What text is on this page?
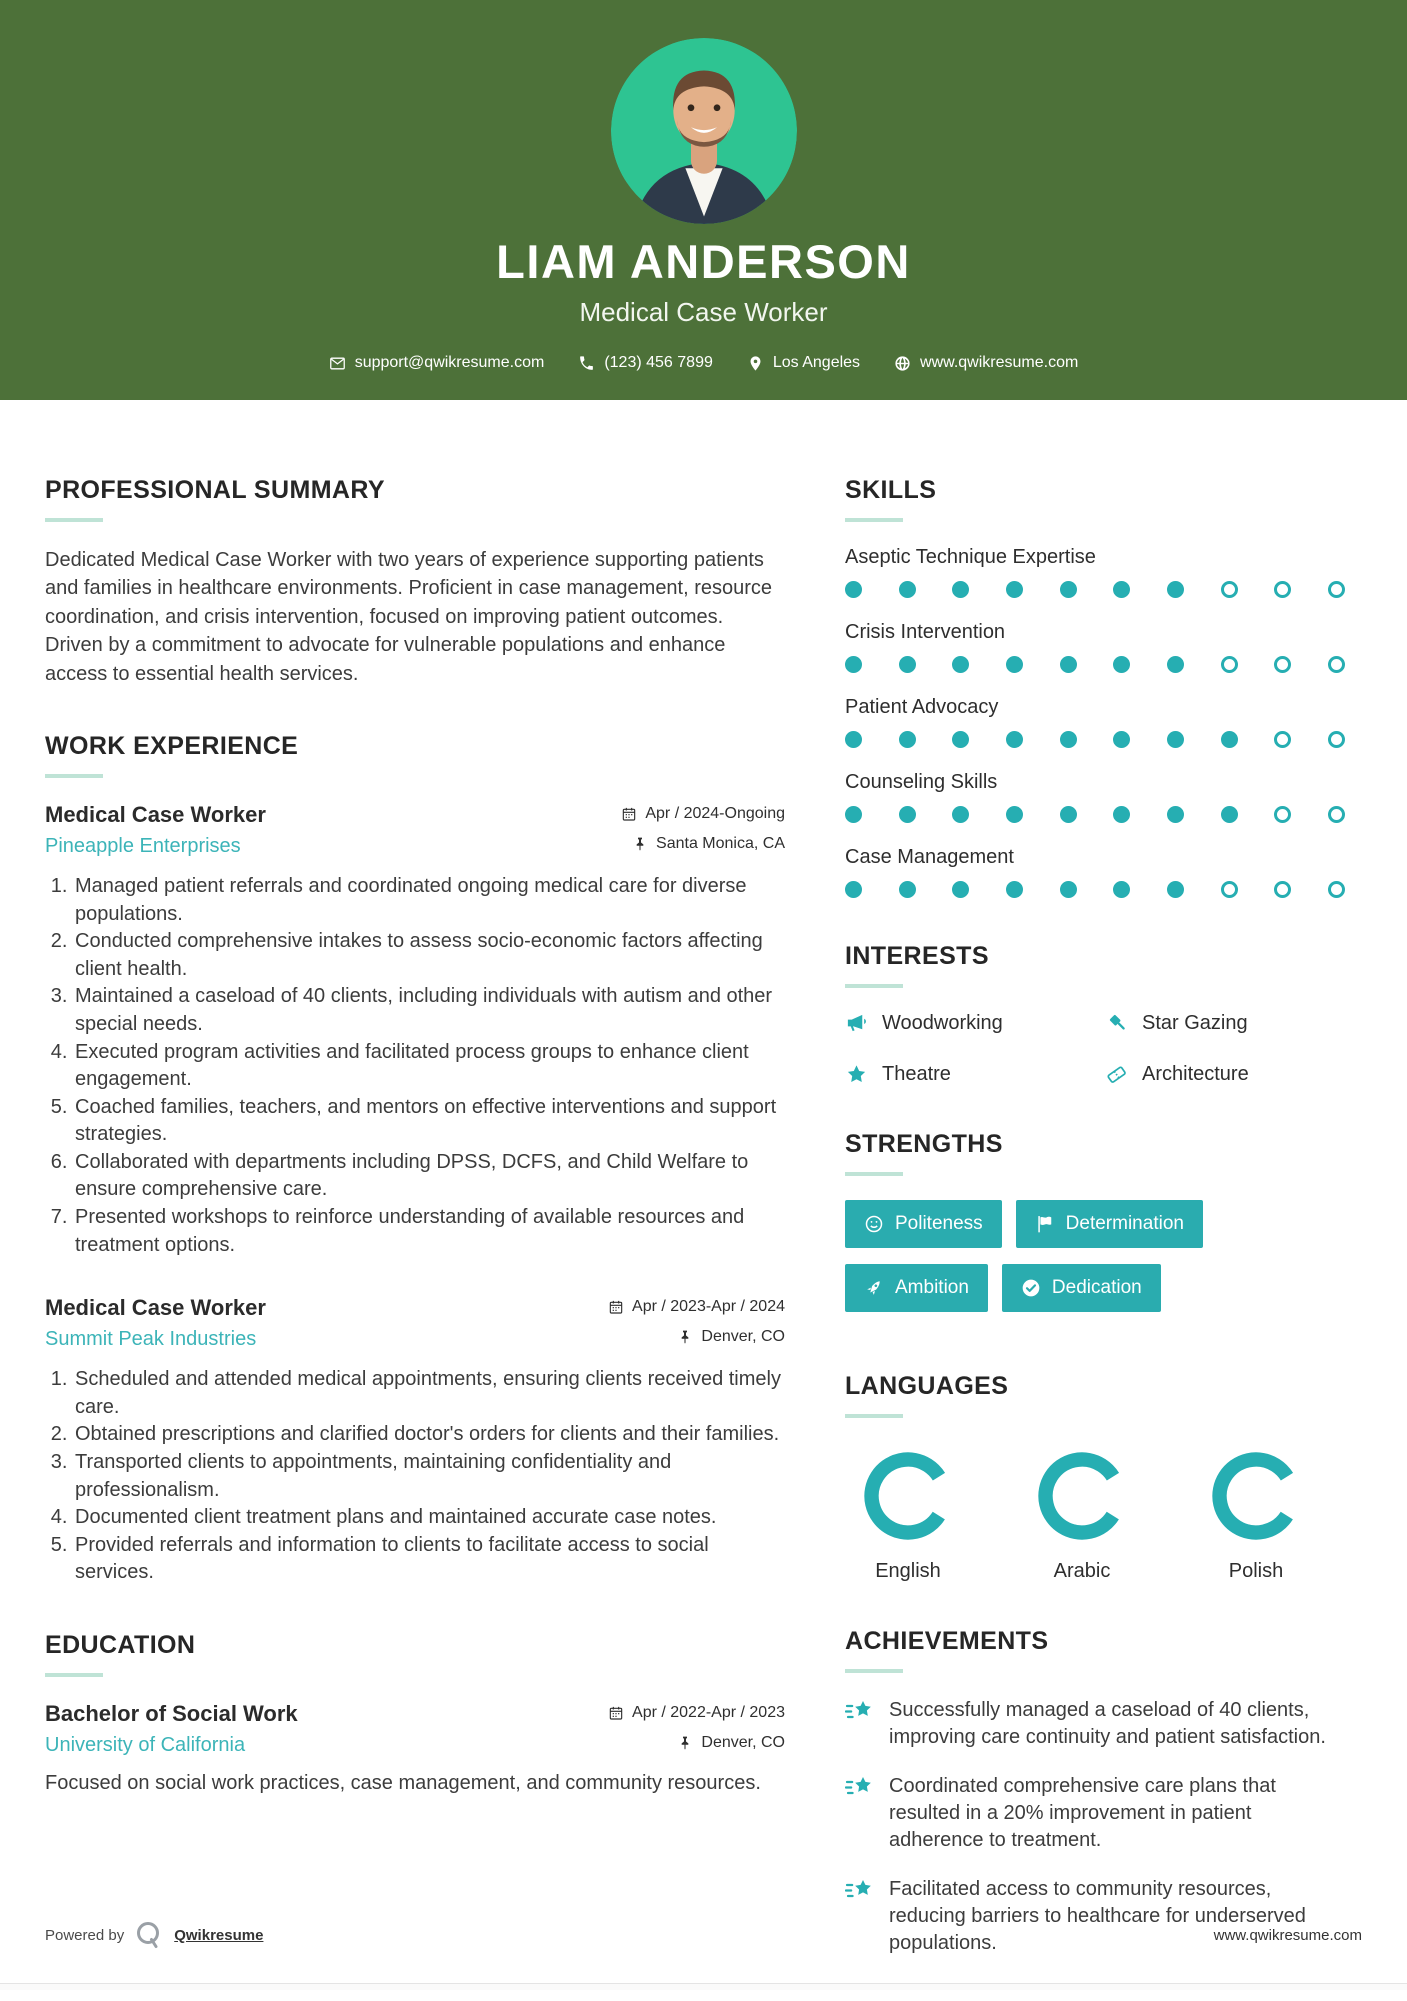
LIAM ANDERSON
Medical Case Worker
support@qwikresume.com	(123) 456 7899	Los Angeles	www.qwikresume.com
PROFESSIONAL SUMMARY

Dedicated Medical Case Worker with two years of experience supporting patients and families in healthcare environments. Proficient in case management, resource coordination, and crisis intervention, focused on improving patient outcomes. Driven by a commitment to advocate for vulnerable populations and enhance access to essential health services.

WORK EXPERIENCE
Medical Case Worker	Apr / 2024-Ongoing
Pineapple Enterprises	Santa Monica, CA
1. Managed patient referrals and coordinated ongoing medical care for diverse populations.
2. Conducted comprehensive intakes to assess socio-economic factors affecting client health.
3. Maintained a caseload of 40 clients, including individuals with autism and other special needs.
4. Executed program activities and facilitated process groups to enhance client engagement.
5. Coached families, teachers, and mentors on effective interventions and support strategies.
6. Collaborated with departments including DPSS, DCFS, and Child Welfare to ensure comprehensive care.
7. Presented workshops to reinforce understanding of available resources and treatment options.
Medical Case Worker	Apr / 2023-Apr / 2024
Summit Peak Industries	Denver, CO
1. Scheduled and attended medical appointments, ensuring clients received timely care.
2. Obtained prescriptions and clarified doctor's orders for clients and their families.
3. Transported clients to appointments, maintaining confidentiality and professionalism.
4. Documented client treatment plans and maintained accurate case notes.
5. Provided referrals and information to clients to facilitate access to social services.
EDUCATION
Bachelor of Social Work	Apr / 2022-Apr / 2023
University of California	Denver, CO

Focused on social work practices, case management, and community resources.

SKILLS
Aseptic Technique Expertise
Crisis Intervention
Patient Advocacy
Counseling Skills
Case Management
INTERESTS
Woodworking	Star Gazing
Theatre	Architecture
STRENGTHS
Politeness	Determination
Ambition	Dedication
LANGUAGES
English	Arabic	Polish
ACHIEVEMENTS
Successfully managed a caseload of 40 clients, improving care continuity and patient satisfaction.
Coordinated comprehensive care plans that resulted in a 20% improvement in patient adherence to treatment.
Facilitated access to community resources, reducing barriers to healthcare for underserved populations.
Powered by	Qwikresume	www.qwikresume.com
